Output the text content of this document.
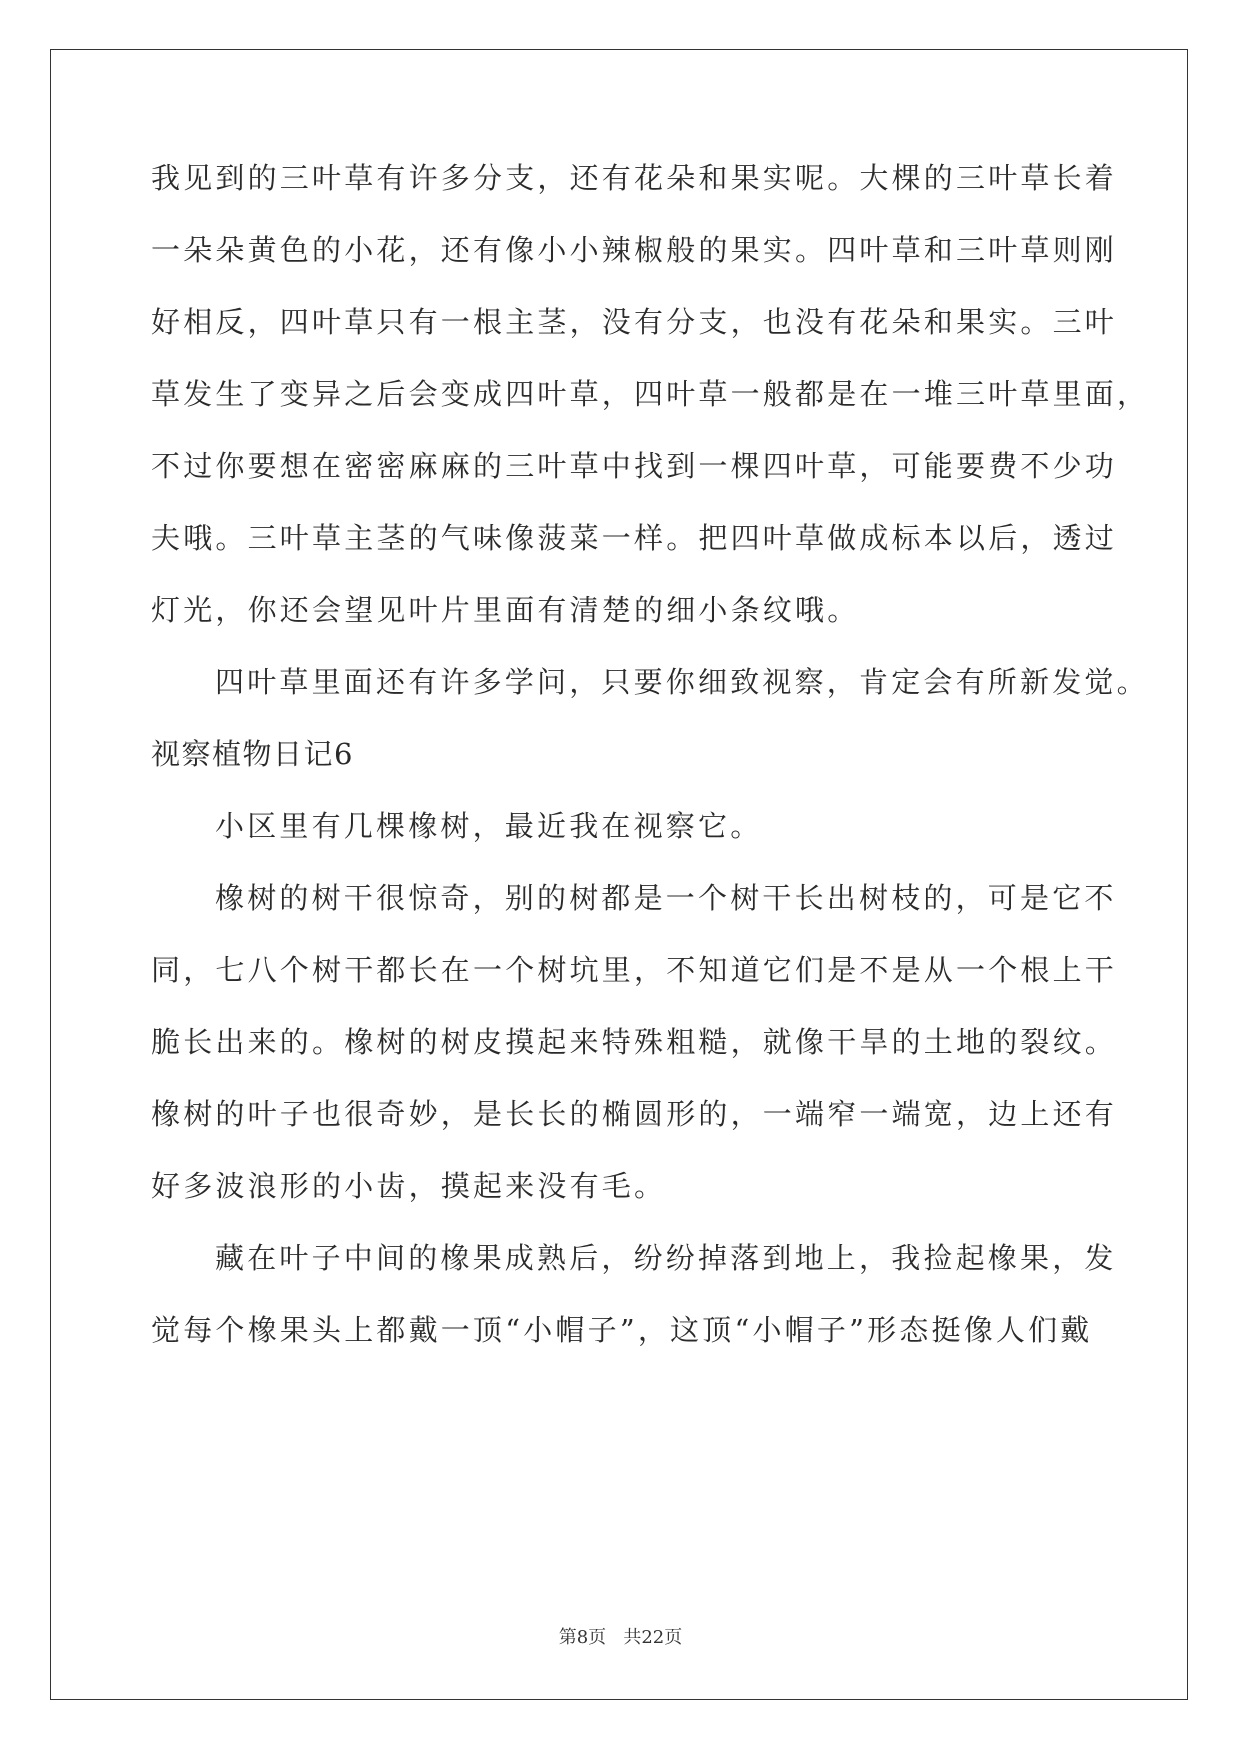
我见到的三叶草有许多分支，还有花朵和果实呢。大棵的三叶草长着

一朵朵黄色的小花，还有像小小辣椒般的果实。四叶草和三叶草则刚

好相反，四叶草只有一根主茎，没有分支，也没有花朵和果实。三叶

草发生了变异之后会变成四叶草，四叶草一般都是在一堆三叶草里面，

不过你要想在密密麻麻的三叶草中找到一棵四叶草，可能要费不少功

夫哦。三叶草主茎的气味像菠菜一样。把四叶草做成标本以后，透过

灯光，你还会望见叶片里面有清楚的细小条纹哦。

四叶草里面还有许多学问，只要你细致视察，肯定会有所新发觉。

视察植物日记6

小区里有几棵橡树，最近我在视察它。

橡树的树干很惊奇，别的树都是一个树干长出树枝的，可是它不

同，七八个树干都长在一个树坑里，不知道它们是不是从一个根上干

脆长出来的。橡树的树皮摸起来特殊粗糙，就像干旱的土地的裂纹。

橡树的叶子也很奇妙，是长长的椭圆形的，一端窄一端宽，边上还有

好多波浪形的小齿，摸起来没有毛。

藏在叶子中间的橡果成熟后，纷纷掉落到地上，我捡起橡果，发

觉每个橡果头上都戴一顶“小帽子”，这顶“小帽子”形态挺像人们戴

第8页   共22页
